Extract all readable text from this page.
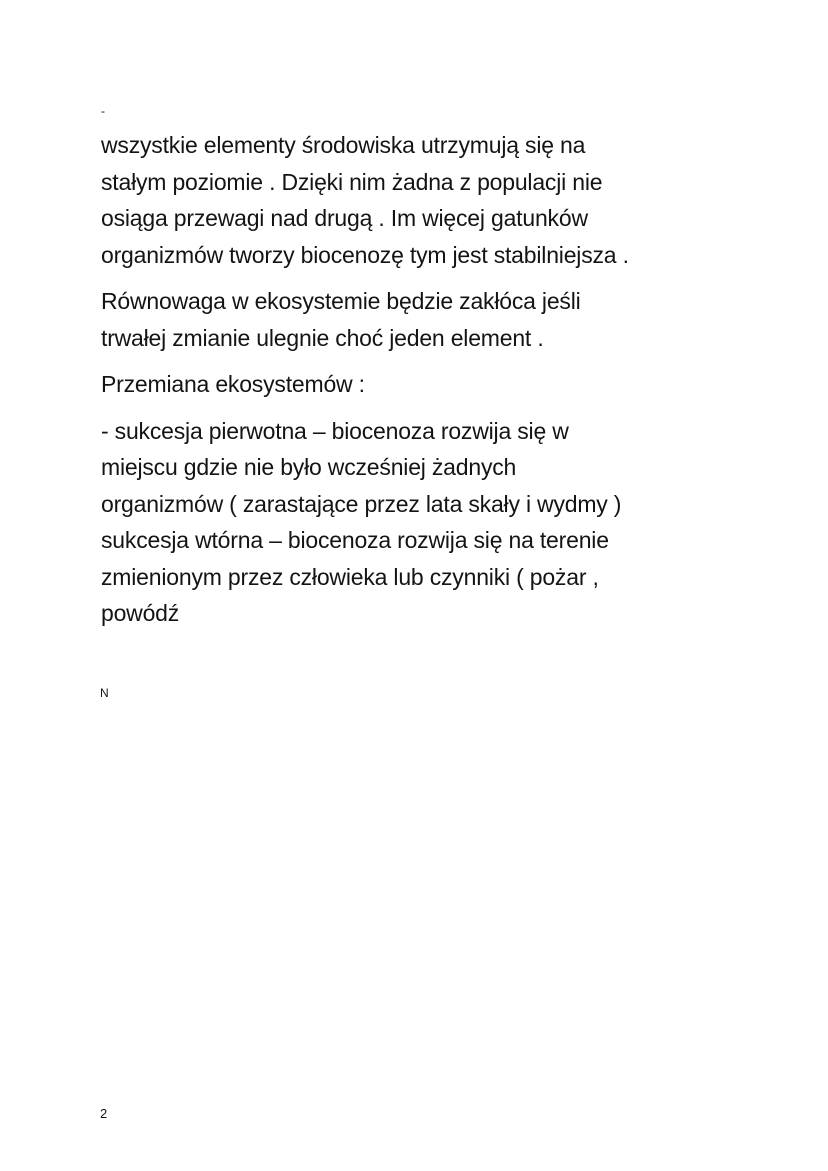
-

wszystkie elementy środowiska utrzymują się na
stałym poziomie . Dzięki nim żadna z populacji nie
osiąga przewagi nad drugą . Im więcej gatunków
organizmów tworzy biocenozę tym jest stabilniejsza .

Równowaga w ekosystemie będzie zakłóca jeśli
trwałej zmianie ulegnie choć jeden element .

Przemiana ekosystemów :

- sukcesja pierwotna – biocenoza rozwija się w
miejscu gdzie nie było wcześniej żadnych
organizmów ( zarastające przez lata skały i wydmy )
sukcesja wtórna – biocenoza rozwija się na terenie
zmienionym przez człowieka lub czynniki ( pożar ,
powódź

N
2
